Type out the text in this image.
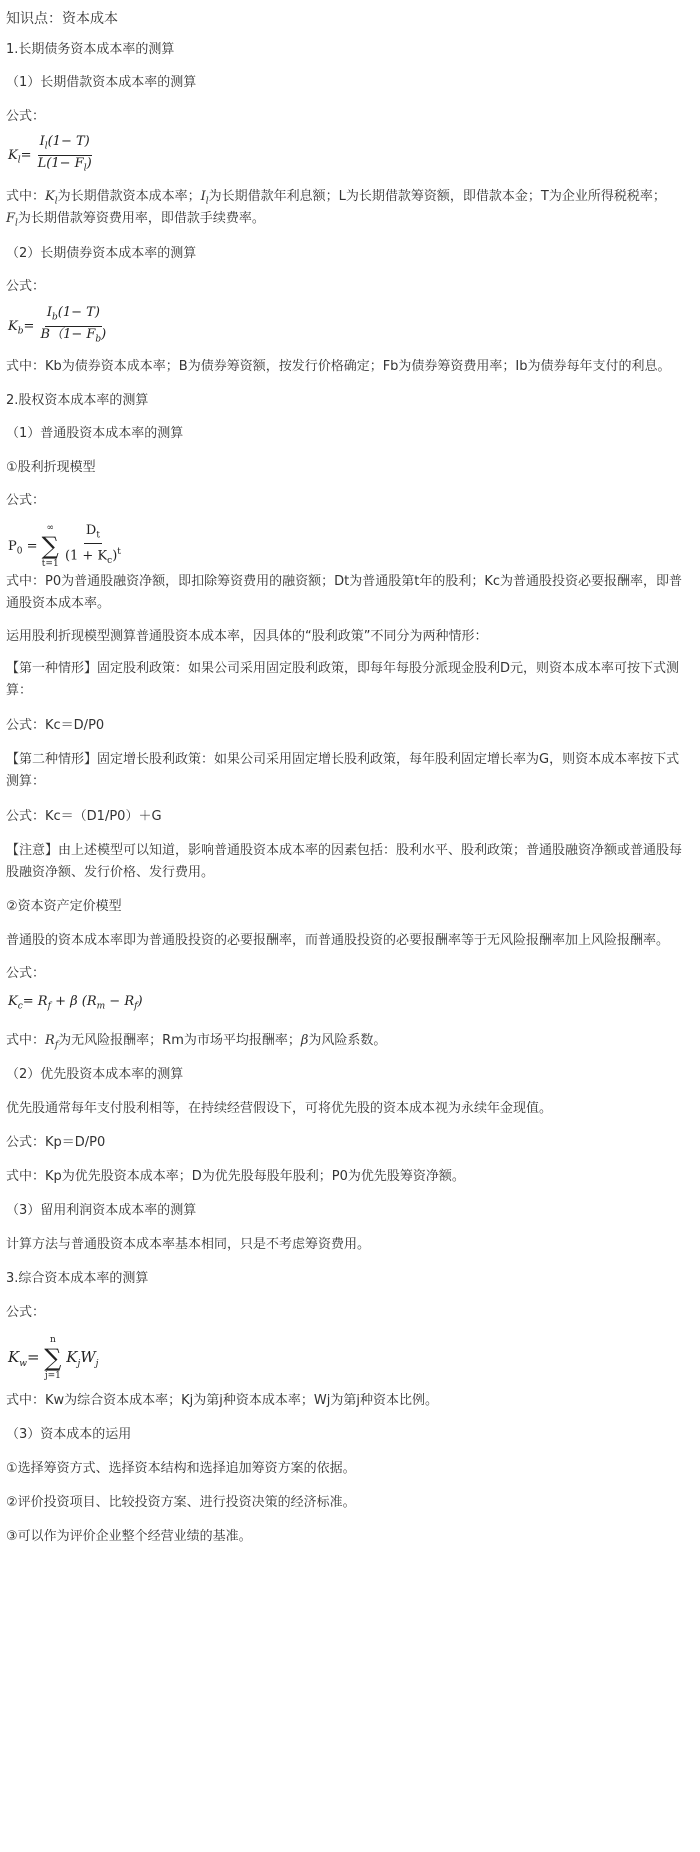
知识点：资本成本
1.长期债务资本成本率的测算
（1）长期借款资本成本率的测算
公式：
$K_l= \frac{I_l(1- T)}{L(1- F_l)}$
式中：$K_l$为长期借款资本成本率；$I_l$为长期借款年利息额；L为长期借款筹资额，即借款本金；T为企业所得税税率；
$F_l$为长期借款筹资费用率，即借款手续费率。
（2）长期债券资本成本率的测算
公式：
$K_b= \frac{I_b(1- T)}{B(1- F_b)}$
式中：Kb为债券资本成本率；B为债券筹资额，按发行价格确定；Fb为债券筹资费用率；Ib为债券每年支付的利息。
2.股权资本成本率的测算
（1）普通股资本成本率的测算
①股利折现模型
公式：
$P_0$ =
∞
∑
t=1
$\frac{D_t}{(1 + K_c)^t}$
式中：P0为普通股融资净额，即扣除筹资费用的融资额；Dt为普通股第t年的股利；Kc为普通股投资必要报酬率，即普通股资本成本率。
运用股利折现模型测算普通股资本成本率，因具体的“股利政策”不同分为两种情形：
【第一种情形】固定股利政策：如果公司采用固定股利政策，即每年每股分派现金股利D元，则资本成本率可按下式测算：
公式：Kc＝D/P0
【第二种情形】固定增长股利政策：如果公司采用固定增长股利政策，每年股利固定增长率为G，则资本成本率按下式测算：
公式：Kc＝（D1/P0）＋G
【注意】由上述模型可以知道，影响普通股资本成本率的因素包括：股利水平、股利政策；普通股融资净额或普通股每股融资净额、发行价格、发行费用。
②资本资产定价模型
普通股的资本成本率即为普通股投资的必要报酬率，而普通股投资的必要报酬率等于无风险报酬率加上风险报酬率。
公式：
$K_c= R_f + \beta$ $(R_m - R_f)$
式中：$R_f$为无风险报酬率；Rm为市场平均报酬率；β为风险系数。
（2）优先股资本成本率的测算
优先股通常每年支付股利相等，在持续经营假设下，可将优先股的资本成本视为永续年金现值。
公式：Kp＝D/P0
式中：Kp为优先股资本成本率；D为优先股每股年股利；P0为优先股筹资净额。
（3）留用利润资本成本率的测算
计算方法与普通股资本成本率基本相同，只是不考虑筹资费用。
3.综合资本成本率的测算
公式：
$K_w=$
n
∑
j=1
$K_jW_j$
式中：Kw为综合资本成本率；Kj为第j种资本成本率；Wj为第j种资本比例。
（3）资本成本的运用
①选择筹资方式、选择资本结构和选择追加筹资方案的依据。
②评价投资项目、比较投资方案、进行投资决策的经济标准。
③可以作为评价企业整个经营业绩的基准。
